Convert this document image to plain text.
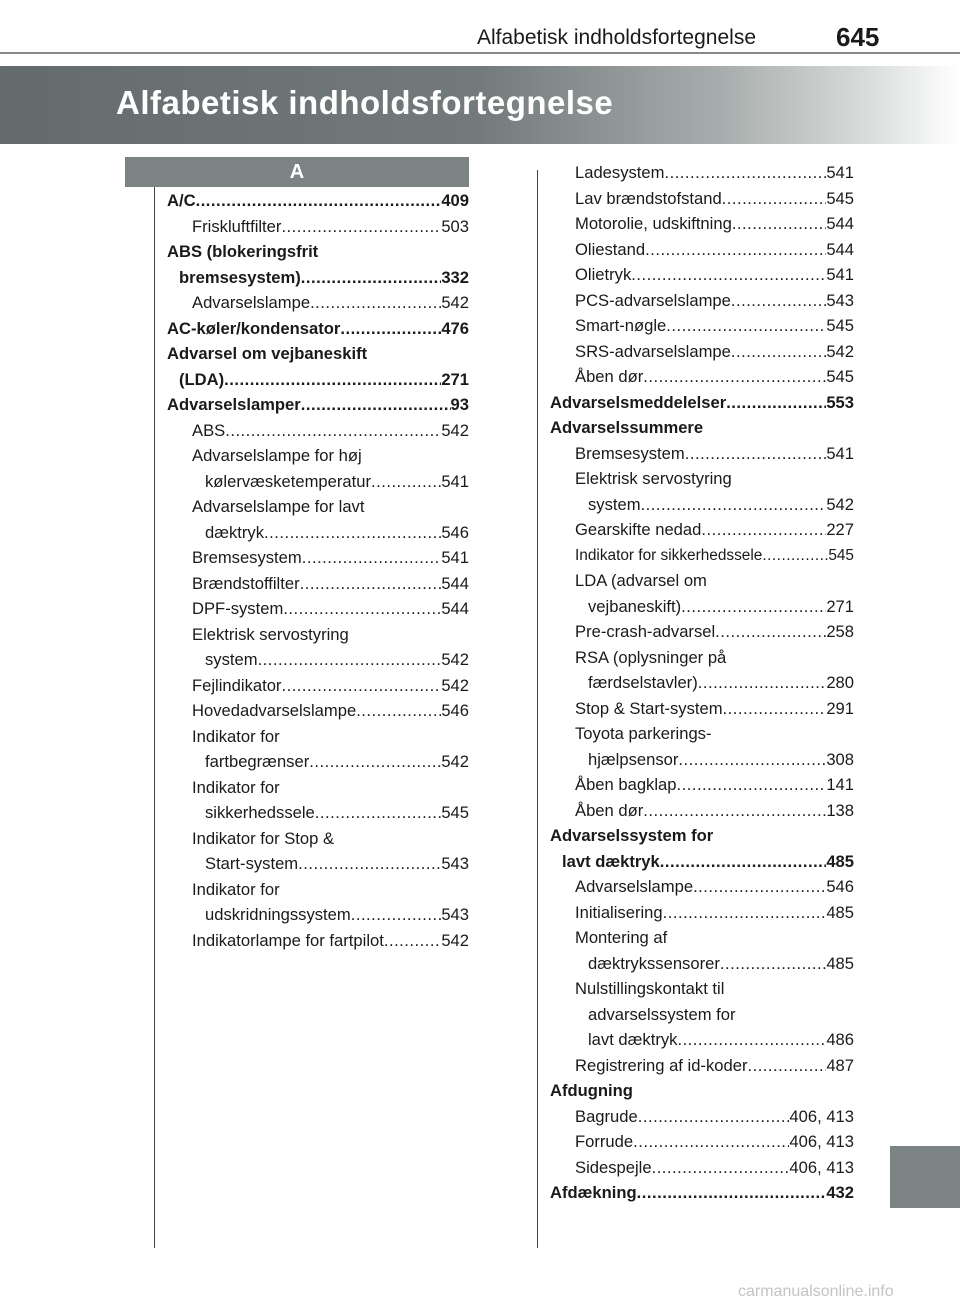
Alfabetisk indholdsfortegnelse	645
Alfabetisk indholdsfortegnelse
A
A/C .....	409
Friskluftfilter .....	503
ABS (blokeringsfrit
bremsesystem) .....	332
Advarselslampe .....	542
AC-køler/kondensator .....	476
Advarsel om vejbaneskift
(LDA) .....	271
Advarselslamper .....	93
ABS .....	542
Advarselslampe for høj
kølervæsketemperatur .....	541
Advarselslampe for lavt
dæktryk .....	546
Bremsesystem .....	541
Brændstoffilter .....	544
DPF-system .....	544
Elektrisk servostyring
system .....	542
Fejlindikator .....	542
Hovedadvarselslampe .....	546
Indikator for
fartbegrænser .....	542
Indikator for
sikkerhedssele .....	545
Indikator for Stop &
Start-system .....	543
Indikator for
udskridningssystem .....	543
Indikatorlampe for fartpilot .....	542
Ladesystem .....	541
Lav brændstofstand .....	545
Motorolie, udskiftning .....	544
Oliestand .....	544
Olietryk .....	541
PCS-advarselslampe .....	543
Smart-nøgle .....	545
SRS-advarselslampe .....	542
Åben dør .....	545
Advarselsmeddelelser .....	553
Advarselssummere
Bremsesystem .....	541
Elektrisk servostyring
system .....	542
Gearskifte nedad .....	227
Indikator for sikkerhedssele .....	545
LDA (advarsel om
vejbaneskift) .....	271
Pre-crash-advarsel .....	258
RSA (oplysninger på
færdselstavler) .....	280
Stop & Start-system .....	291
Toyota parkerings-
hjælpsensor .....	308
Åben bagklap .....	141
Åben dør .....	138
Advarselssystem for
lavt dæktryk .....	485
Advarselslampe .....	546
Initialisering .....	485
Montering af
dæktrykssensorer .....	485
Nulstillingskontakt til
advarselssystem for
lavt dæktryk .....	486
Registrering af id-koder .....	487
Afdugning
Bagrude .....	406, 413
Forrude .....	406, 413
Sidespejle .....	406, 413
Afdækning .....	432
carmanualsonline.info
